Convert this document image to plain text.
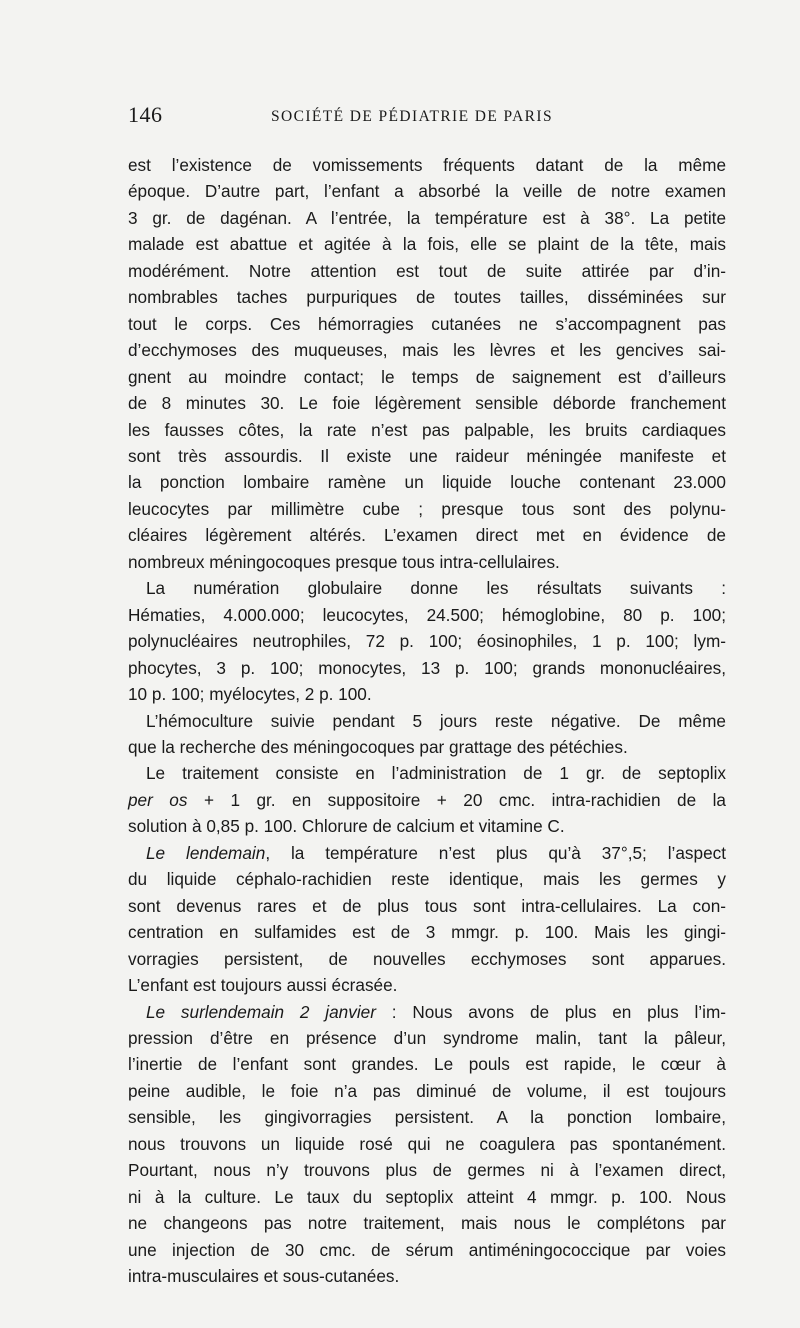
146	SOCIÉTÉ DE PÉDIATRIE DE PARIS
est l’existence de vomissements fréquents datant de la même
époque. D’autre part, l’enfant a absorbé la veille de notre examen
3 gr. de dagénan. A l’entrée, la température est à 38°. La petite
malade est abattue et agitée à la fois, elle se plaint de la tête, mais
modérément. Notre attention est tout de suite attirée par d’in-
nombrables taches purpuriques de toutes tailles, disséminées sur
tout le corps. Ces hémorragies cutanées ne s’accompagnent pas
d’ecchymoses des muqueuses, mais les lèvres et les gencives sai-
gnent au moindre contact; le temps de saignement est d’ailleurs
de 8 minutes 30. Le foie légèrement sensible déborde franchement
les fausses côtes, la rate n’est pas palpable, les bruits cardiaques
sont très assourdis. Il existe une raideur méningée manifeste et
la ponction lombaire ramène un liquide louche contenant 23.000
leucocytes par millimètre cube ; presque tous sont des polynu-
cléaires légèrement altérés. L’examen direct met en évidence de
nombreux méningocoques presque tous intra-cellulaires.
La numération globulaire donne les résultats suivants :
Hématies, 4.000.000; leucocytes, 24.500; hémoglobine, 80 p. 100;
polynucléaires neutrophiles, 72 p. 100; éosinophiles, 1 p. 100; lym-
phocytes, 3 p. 100; monocytes, 13 p. 100; grands mononucléaires,
10 p. 100; myélocytes, 2 p. 100.
L’hémoculture suivie pendant 5 jours reste négative. De même
que la recherche des méningocoques par grattage des pétéchies.
Le traitement consiste en l’administration de 1 gr. de septoplix
per os + 1 gr. en suppositoire + 20 cmc. intra-rachidien de la
solution à 0,85 p. 100. Chlorure de calcium et vitamine C.
Le lendemain, la température n’est plus qu’à 37°,5; l’aspect
du liquide céphalo-rachidien reste identique, mais les germes y
sont devenus rares et de plus tous sont intra-cellulaires. La con-
centration en sulfamides est de 3 mmgr. p. 100. Mais les gingi-
vorragies persistent, de nouvelles ecchymoses sont apparues.
L’enfant est toujours aussi écrasée.
Le surlendemain 2 janvier : Nous avons de plus en plus l’im-
pression d’être en présence d’un syndrome malin, tant la pâleur,
l’inertie de l’enfant sont grandes. Le pouls est rapide, le cœur à
peine audible, le foie n’a pas diminué de volume, il est toujours
sensible, les gingivorragies persistent. A la ponction lombaire,
nous trouvons un liquide rosé qui ne coagulera pas spontanément.
Pourtant, nous n’y trouvons plus de germes ni à l’examen direct,
ni à la culture. Le taux du septoplix atteint 4 mmgr. p. 100. Nous
ne changeons pas notre traitement, mais nous le complétons par
une injection de 30 cmc. de sérum antiméningococcique par voies
intra-musculaires et sous-cutanées.
